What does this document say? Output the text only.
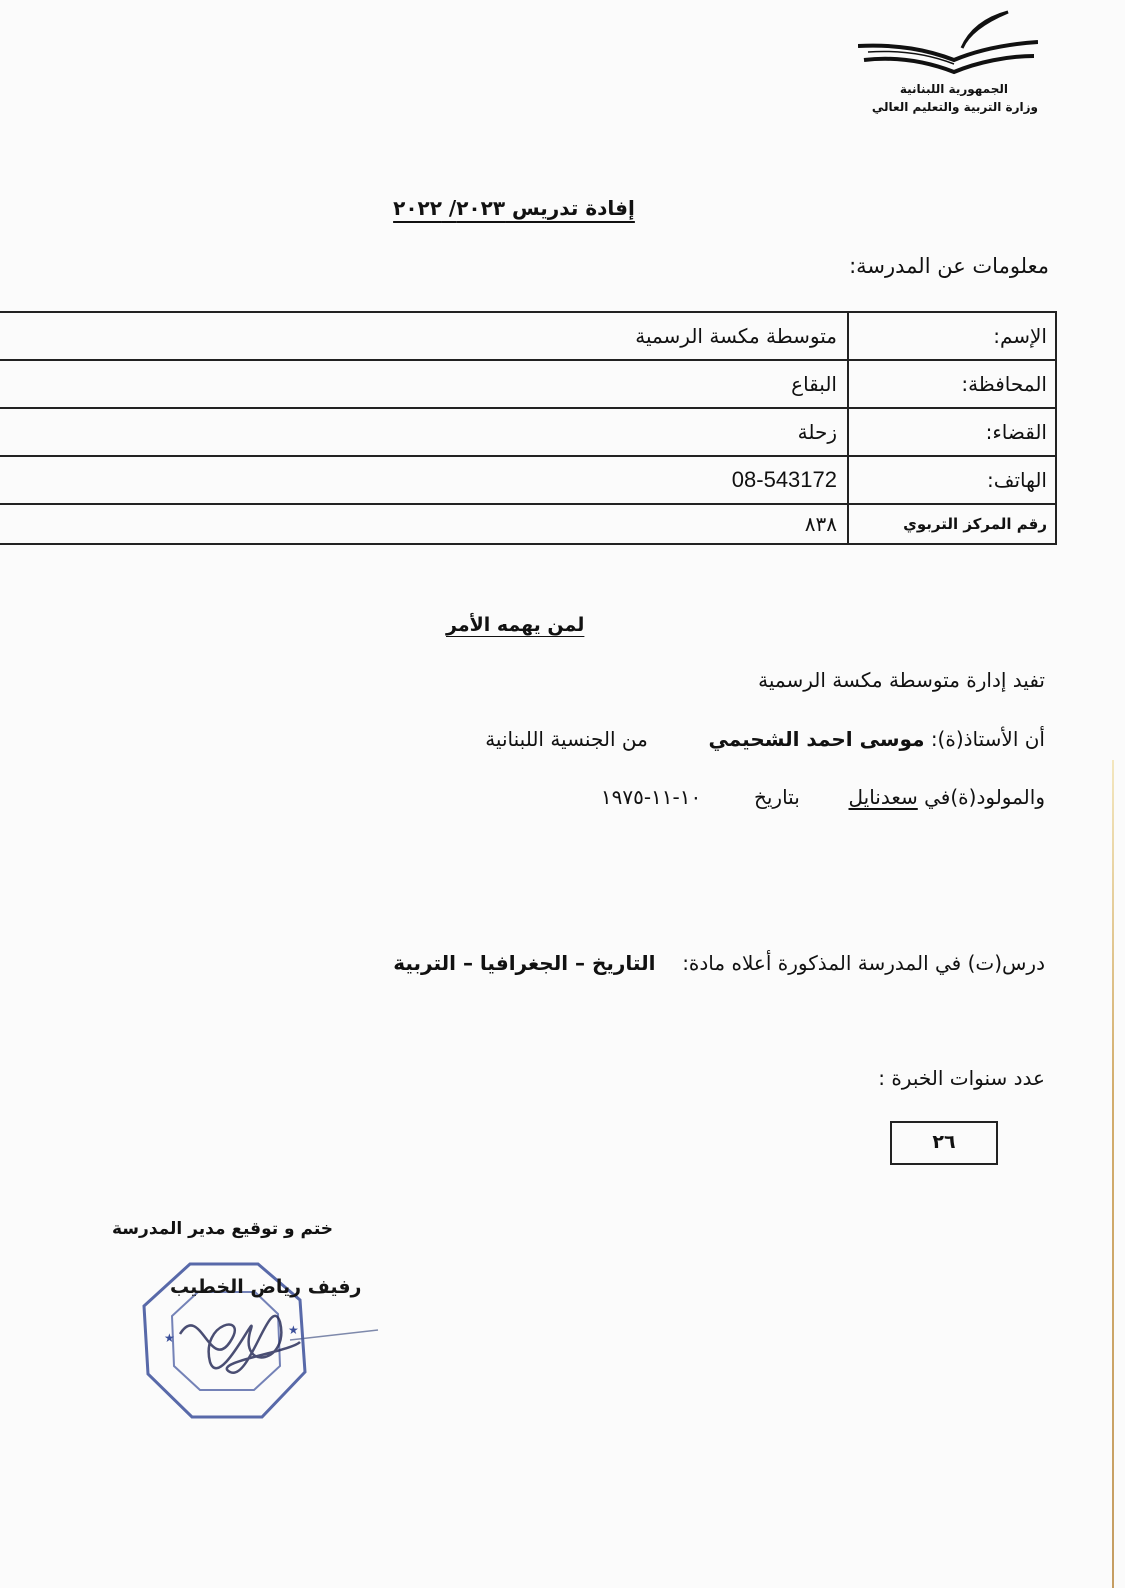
الجمهورية اللبنانية
وزارة التربية والتعليم العالي
إفادة تدريس ٢٠٢٣/ ٢٠٢٢
معلومات عن المدرسة:
الإسم:	متوسطة مكسة الرسمية
المحافظة:	البقاع
القضاء:	زحلة
الهاتف:	08-543172
رقم المركز التربوي	٨٣٨
لمن يهمه الأمر
تفيد إدارة متوسطة مكسة الرسمية
أن الأستاذ(ة): موسى احمد الشحيمي  من الجنسية اللبنانية
والمولود(ة)في سعدنايل  بتاريخ  ١٠-١١-١٩٧٥
درس(ت) في المدرسة المذكورة أعلاه مادة:  التاريخ – الجغرافيا – التربية
عدد سنوات الخبرة :
٢٦
ختم و توقيع مدير المدرسة
★
★
رفيف رياض الخطيب
